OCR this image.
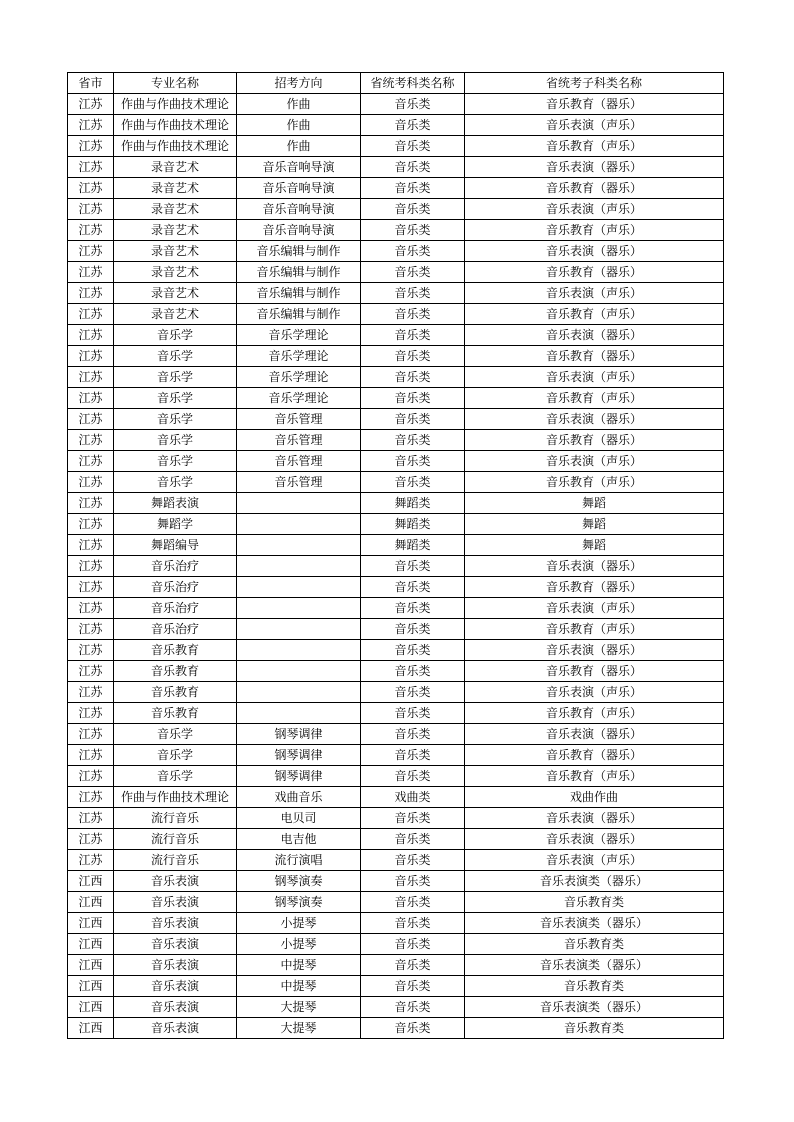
省市	专业名称	招考方向	省统考科类名称	省统考子科类名称
江苏	作曲与作曲技术理论	作曲	音乐类	音乐教育（器乐）
江苏	作曲与作曲技术理论	作曲	音乐类	音乐表演（声乐）
江苏	作曲与作曲技术理论	作曲	音乐类	音乐教育（声乐）
江苏	录音艺术	音乐音响导演	音乐类	音乐表演（器乐）
江苏	录音艺术	音乐音响导演	音乐类	音乐教育（器乐）
江苏	录音艺术	音乐音响导演	音乐类	音乐表演（声乐）
江苏	录音艺术	音乐音响导演	音乐类	音乐教育（声乐）
江苏	录音艺术	音乐编辑与制作	音乐类	音乐表演（器乐）
江苏	录音艺术	音乐编辑与制作	音乐类	音乐教育（器乐）
江苏	录音艺术	音乐编辑与制作	音乐类	音乐表演（声乐）
江苏	录音艺术	音乐编辑与制作	音乐类	音乐教育（声乐）
江苏	音乐学	音乐学理论	音乐类	音乐表演（器乐）
江苏	音乐学	音乐学理论	音乐类	音乐教育（器乐）
江苏	音乐学	音乐学理论	音乐类	音乐表演（声乐）
江苏	音乐学	音乐学理论	音乐类	音乐教育（声乐）
江苏	音乐学	音乐管理	音乐类	音乐表演（器乐）
江苏	音乐学	音乐管理	音乐类	音乐教育（器乐）
江苏	音乐学	音乐管理	音乐类	音乐表演（声乐）
江苏	音乐学	音乐管理	音乐类	音乐教育（声乐）
江苏	舞蹈表演		舞蹈类	舞蹈
江苏	舞蹈学		舞蹈类	舞蹈
江苏	舞蹈编导		舞蹈类	舞蹈
江苏	音乐治疗		音乐类	音乐表演（器乐）
江苏	音乐治疗		音乐类	音乐教育（器乐）
江苏	音乐治疗		音乐类	音乐表演（声乐）
江苏	音乐治疗		音乐类	音乐教育（声乐）
江苏	音乐教育		音乐类	音乐表演（器乐）
江苏	音乐教育		音乐类	音乐教育（器乐）
江苏	音乐教育		音乐类	音乐表演（声乐）
江苏	音乐教育		音乐类	音乐教育（声乐）
江苏	音乐学	钢琴调律	音乐类	音乐表演（器乐）
江苏	音乐学	钢琴调律	音乐类	音乐教育（器乐）
江苏	音乐学	钢琴调律	音乐类	音乐教育（声乐）
江苏	作曲与作曲技术理论	戏曲音乐	戏曲类	戏曲作曲
江苏	流行音乐	电贝司	音乐类	音乐表演（器乐）
江苏	流行音乐	电吉他	音乐类	音乐表演（器乐）
江苏	流行音乐	流行演唱	音乐类	音乐表演（声乐）
江西	音乐表演	钢琴演奏	音乐类	音乐表演类（器乐）
江西	音乐表演	钢琴演奏	音乐类	音乐教育类
江西	音乐表演	小提琴	音乐类	音乐表演类（器乐）
江西	音乐表演	小提琴	音乐类	音乐教育类
江西	音乐表演	中提琴	音乐类	音乐表演类（器乐）
江西	音乐表演	中提琴	音乐类	音乐教育类
江西	音乐表演	大提琴	音乐类	音乐表演类（器乐）
江西	音乐表演	大提琴	音乐类	音乐教育类
